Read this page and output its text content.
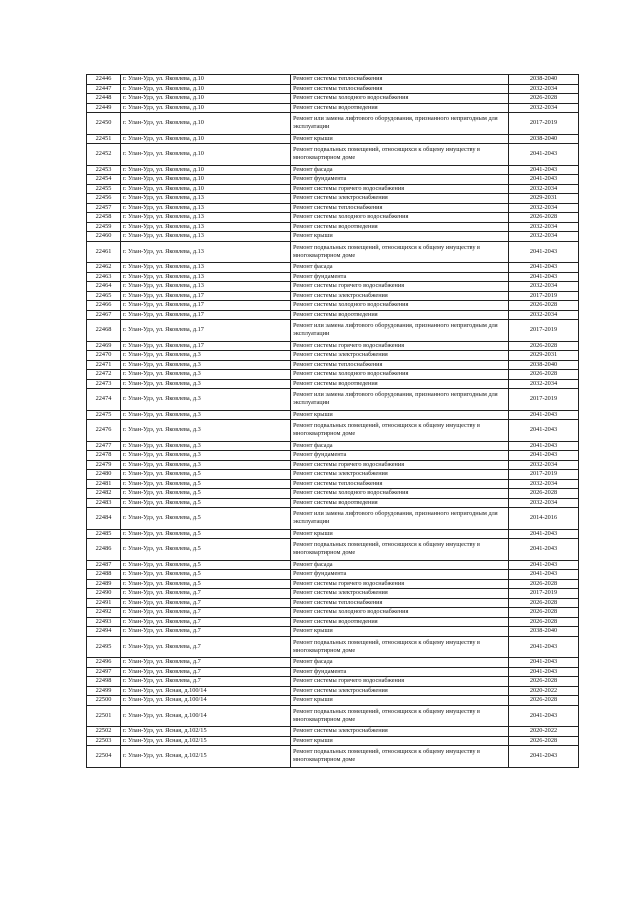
22446	г. Улан-Удэ, ул. Яковлева, д.10	Ремонт системы теплоснабжения	2038-2040
22447	г. Улан-Удэ, ул. Яковлева, д.10	Ремонт системы теплоснабжения	2032-2034
22448	г. Улан-Удэ, ул. Яковлева, д.10	Ремонт системы холодного водоснабжения	2026-2028
22449	г. Улан-Удэ, ул. Яковлева, д.10	Ремонт системы водоотведения	2032-2034
22450	г. Улан-Удэ, ул. Яковлева, д.10	Ремонт или замена лифтового оборудования, признанного непригодным для эксплуатации	2017-2019
22451	г. Улан-Удэ, ул. Яковлева, д.10	Ремонт крыши	2038-2040
22452	г. Улан-Удэ, ул. Яковлева, д.10	Ремонт подвальных помещений, относящихся к общему имуществу в многоквартирном доме	2041-2043
22453	г. Улан-Удэ, ул. Яковлева, д.10	Ремонт фасада	2041-2043
22454	г. Улан-Удэ, ул. Яковлева, д.10	Ремонт фундамента	2041-2043
22455	г. Улан-Удэ, ул. Яковлева, д.10	Ремонт системы горячего водоснабжения	2032-2034
22456	г. Улан-Удэ, ул. Яковлева, д.13	Ремонт системы электроснабжения	2029-2031
22457	г. Улан-Удэ, ул. Яковлева, д.13	Ремонт системы теплоснабжения	2032-2034
22458	г. Улан-Удэ, ул. Яковлева, д.13	Ремонт системы холодного водоснабжения	2026-2028
22459	г. Улан-Удэ, ул. Яковлева, д.13	Ремонт системы водоотведения	2032-2034
22460	г. Улан-Удэ, ул. Яковлева, д.13	Ремонт крыши	2032-2034
22461	г. Улан-Удэ, ул. Яковлева, д.13	Ремонт подвальных помещений, относящихся к общему имуществу в многоквартирном доме	2041-2043
22462	г. Улан-Удэ, ул. Яковлева, д.13	Ремонт фасада	2041-2043
22463	г. Улан-Удэ, ул. Яковлева, д.13	Ремонт фундамента	2041-2043
22464	г. Улан-Удэ, ул. Яковлева, д.13	Ремонт системы горячего водоснабжения	2032-2034
22465	г. Улан-Удэ, ул. Яковлева, д.17	Ремонт системы электроснабжения	2017-2019
22466	г. Улан-Удэ, ул. Яковлева, д.17	Ремонт системы холодного водоснабжения	2026-2028
22467	г. Улан-Удэ, ул. Яковлева, д.17	Ремонт системы водоотведения	2032-2034
22468	г. Улан-Удэ, ул. Яковлева, д.17	Ремонт или замена лифтового оборудования, признанного непригодным для эксплуатации	2017-2019
22469	г. Улан-Удэ, ул. Яковлева, д.17	Ремонт системы горячего водоснабжения	2026-2028
22470	г. Улан-Удэ, ул. Яковлева, д.3	Ремонт системы электроснабжения	2029-2031
22471	г. Улан-Удэ, ул. Яковлева, д.3	Ремонт системы теплоснабжения	2038-2040
22472	г. Улан-Удэ, ул. Яковлева, д.3	Ремонт системы холодного водоснабжения	2026-2028
22473	г. Улан-Удэ, ул. Яковлева, д.3	Ремонт системы водоотведения	2032-2034
22474	г. Улан-Удэ, ул. Яковлева, д.3	Ремонт или замена лифтового оборудования, признанного непригодным для эксплуатации	2017-2019
22475	г. Улан-Удэ, ул. Яковлева, д.3	Ремонт крыши	2041-2043
22476	г. Улан-Удэ, ул. Яковлева, д.3	Ремонт подвальных помещений, относящихся к общему имуществу в многоквартирном доме	2041-2043
22477	г. Улан-Удэ, ул. Яковлева, д.3	Ремонт фасада	2041-2043
22478	г. Улан-Удэ, ул. Яковлева, д.3	Ремонт фундамента	2041-2043
22479	г. Улан-Удэ, ул. Яковлева, д.3	Ремонт системы горячего водоснабжения	2032-2034
22480	г. Улан-Удэ, ул. Яковлева, д.5	Ремонт системы электроснабжения	2017-2019
22481	г. Улан-Удэ, ул. Яковлева, д.5	Ремонт системы теплоснабжения	2032-2034
22482	г. Улан-Удэ, ул. Яковлева, д.5	Ремонт системы холодного водоснабжения	2026-2028
22483	г. Улан-Удэ, ул. Яковлева, д.5	Ремонт системы водоотведения	2032-2034
22484	г. Улан-Удэ, ул. Яковлева, д.5	Ремонт или замена лифтового оборудования, признанного непригодным для эксплуатации	2014-2016
22485	г. Улан-Удэ, ул. Яковлева, д.5	Ремонт крыши	2041-2043
22486	г. Улан-Удэ, ул. Яковлева, д.5	Ремонт подвальных помещений, относящихся к общему имуществу в многоквартирном доме	2041-2043
22487	г. Улан-Удэ, ул. Яковлева, д.5	Ремонт фасада	2041-2043
22488	г. Улан-Удэ, ул. Яковлева, д.5	Ремонт фундамента	2041-2043
22489	г. Улан-Удэ, ул. Яковлева, д.5	Ремонт системы горячего водоснабжения	2026-2028
22490	г. Улан-Удэ, ул. Яковлева, д.7	Ремонт системы электроснабжения	2017-2019
22491	г. Улан-Удэ, ул. Яковлева, д.7	Ремонт системы теплоснабжения	2026-2028
22492	г. Улан-Удэ, ул. Яковлева, д.7	Ремонт системы холодного водоснабжения	2026-2028
22493	г. Улан-Удэ, ул. Яковлева, д.7	Ремонт системы водоотведения	2026-2028
22494	г. Улан-Удэ, ул. Яковлева, д.7	Ремонт крыши	2038-2040
22495	г. Улан-Удэ, ул. Яковлева, д.7	Ремонт подвальных помещений, относящихся к общему имуществу в многоквартирном доме	2041-2043
22496	г. Улан-Удэ, ул. Яковлева, д.7	Ремонт фасада	2041-2043
22497	г. Улан-Удэ, ул. Яковлева, д.7	Ремонт фундамента	2041-2043
22498	г. Улан-Удэ, ул. Яковлева, д.7	Ремонт системы горячего водоснабжения	2026-2028
22499	г. Улан-Удэ, ул. Ясная, д.100/14	Ремонт системы электроснабжения	2020-2022
22500	г. Улан-Удэ, ул. Ясная, д.100/14	Ремонт крыши	2026-2028
22501	г. Улан-Удэ, ул. Ясная, д.100/14	Ремонт подвальных помещений, относящихся к общему имуществу в многоквартирном доме	2041-2043
22502	г. Улан-Удэ, ул. Ясная, д.102/15	Ремонт системы электроснабжения	2020-2022
22503	г. Улан-Удэ, ул. Ясная, д.102/15	Ремонт крыши	2026-2028
22504	г. Улан-Удэ, ул. Ясная, д.102/15	Ремонт подвальных помещений, относящихся к общему имуществу в многоквартирном доме	2041-2043
